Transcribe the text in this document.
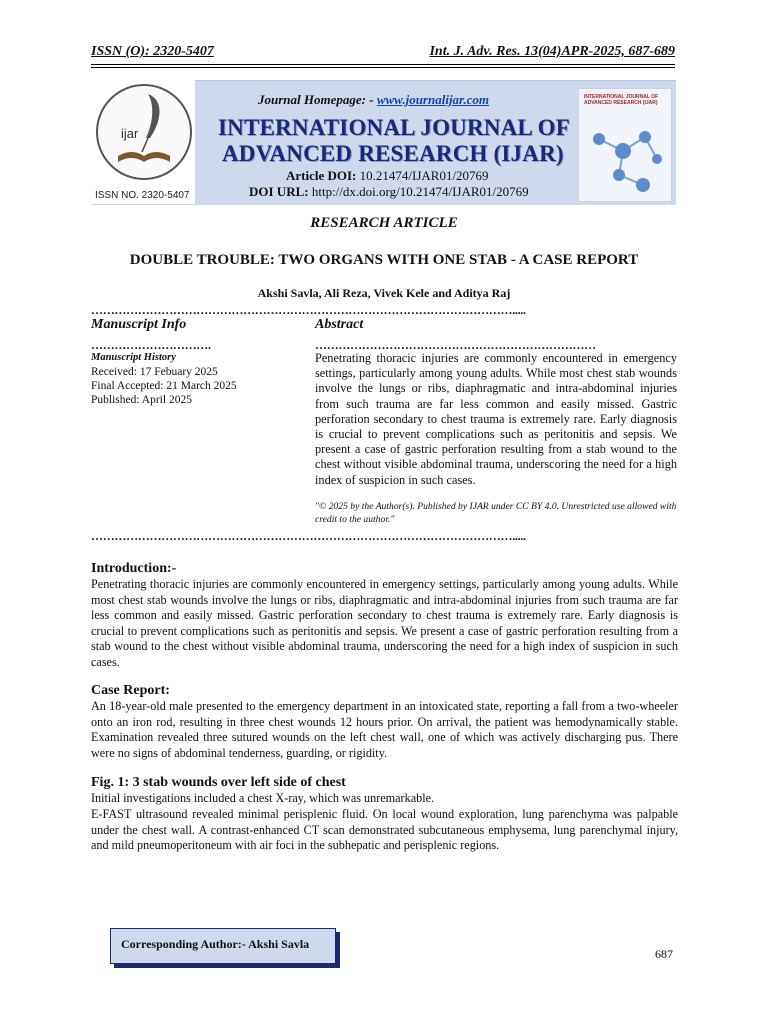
ISSN (O): 2320-5407	Int. J. Adv. Res. 13(04)APR-2025, 687-689
ijar
ISSN NO. 2320-5407
Journal Homepage: - www.journalijar.com
INTERNATIONAL JOURNAL OF
ADVANCED RESEARCH (IJAR)
Article DOI: 10.21474/IJAR01/20769
DOI URL: http://dx.doi.org/10.21474/IJAR01/20769
INTERNATIONAL JOURNAL OF ADVANCED RESEARCH (IJAR)
RESEARCH ARTICLE
DOUBLE TROUBLE: TWO ORGANS WITH ONE STAB - A CASE REPORT
Akshi Savla, Ali Reza, Vivek Kele and Aditya Raj
……………………………………………………………………………………………….....
Manuscript Info
………………………….
Manuscript History
Received: 17 Febuary 2025
Final Accepted: 21 March 2025
Published: April 2025
Abstract
………………………………………………………………
Penetrating thoracic injuries are commonly encountered in emergency settings, particularly among young adults. While most chest stab wounds involve the lungs or ribs, diaphragmatic and intra-abdominal injuries from such trauma are far less common and easily missed. Gastric perforation secondary to chest trauma is extremely rare. Early diagnosis is crucial to prevent complications such as peritonitis and sepsis. We present a case of gastric perforation resulting from a stab wound to the chest without visible abdominal trauma, underscoring the need for a high index of suspicion in such cases.
"© 2025 by the Author(s). Published by IJAR under CC BY 4.0. Unrestricted use allowed with credit to the author."
……………………………………………………………………………………………….....
Introduction:-
Penetrating thoracic injuries are commonly encountered in emergency settings, particularly among young adults. While most chest stab wounds involve the lungs or ribs, diaphragmatic and intra-abdominal injuries from such trauma are far less common and easily missed. Gastric perforation secondary to chest trauma is extremely rare. Early diagnosis is crucial to prevent complications such as peritonitis and sepsis. We present a case of gastric perforation resulting from a stab wound to the chest without visible abdominal trauma, underscoring the need for a high index of suspicion in such cases.
Case Report:
An 18-year-old male presented to the emergency department in an intoxicated state, reporting a fall from a two-wheeler onto an iron rod, resulting in three chest wounds 12 hours prior. On arrival, the patient was hemodynamically stable. Examination revealed three sutured wounds on the left chest wall, one of which was actively discharging pus. There were no signs of abdominal tenderness, guarding, or rigidity.
Fig. 1: 3 stab wounds over left side of chest
Initial investigations included a chest X-ray, which was unremarkable.
E-FAST ultrasound revealed minimal perisplenic fluid. On local wound exploration, lung parenchyma was palpable under the chest wall. A contrast-enhanced CT scan demonstrated subcutaneous emphysema, lung parenchymal injury, and mild pneumoperitoneum with air foci in the subhepatic and perisplenic regions.
Corresponding Author:- Akshi Savla
687
